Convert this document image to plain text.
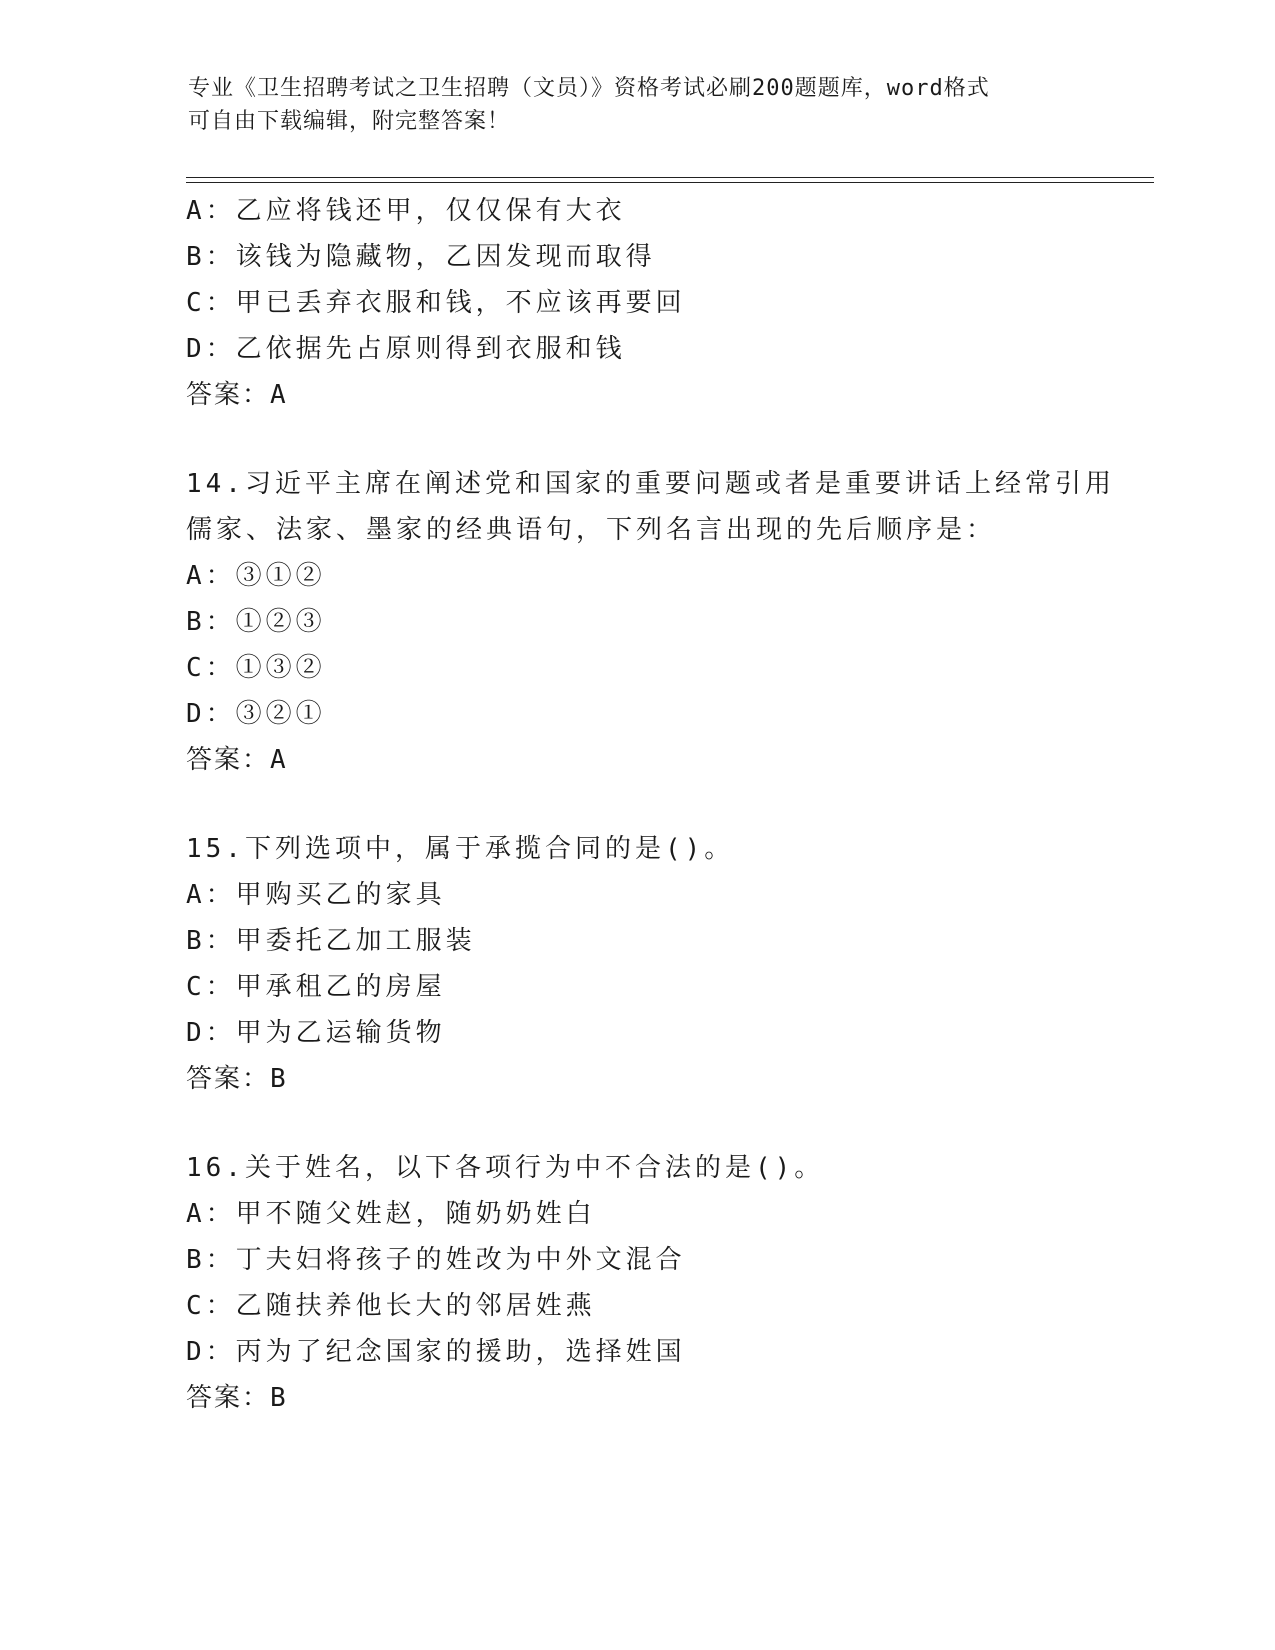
专业《卫生招聘考试之卫生招聘（文员）》资格考试必刷200题题库，word格式
可自由下载编辑，附完整答案！
A：乙应将钱还甲，仅仅保有大衣
B：该钱为隐藏物，乙因发现而取得
C：甲已丢弃衣服和钱，不应该再要回
D：乙依据先占原则得到衣服和钱
答案：A
14.习近平主席在阐述党和国家的重要问题或者是重要讲话上经常引用
儒家、法家、墨家的经典语句，下列名言出现的先后顺序是：
A：③①②
B：①②③
C：①③②
D：③②①
答案：A
15.下列选项中，属于承揽合同的是()。
A：甲购买乙的家具
B：甲委托乙加工服装
C：甲承租乙的房屋
D：甲为乙运输货物
答案：B
16.关于姓名，以下各项行为中不合法的是()。
A：甲不随父姓赵，随奶奶姓白
B：丁夫妇将孩子的姓改为中外文混合
C：乙随扶养他长大的邻居姓燕
D：丙为了纪念国家的援助，选择姓国
答案：B
